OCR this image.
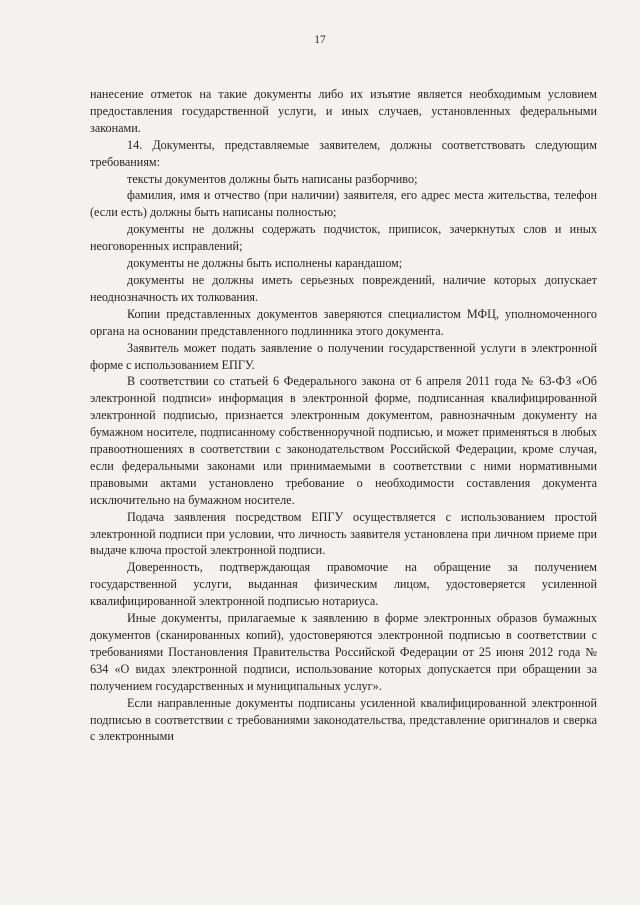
17

нанесение отметок на такие документы либо их изъятие является необходимым условием предоставления государственной услуги, и иных случаев, установленных федеральными законами.

14. Документы, представляемые заявителем, должны соответствовать следующим требованиям:

тексты документов должны быть написаны разборчиво;

фамилия, имя и отчество (при наличии) заявителя, его адрес места жительства, телефон (если есть) должны быть написаны полностью;

документы не должны содержать подчисток, приписок, зачеркнутых слов и иных неоговоренных исправлений;

документы не должны быть исполнены карандашом;

документы не должны иметь серьезных повреждений, наличие которых допускает неоднозначность их толкования.

Копии представленных документов заверяются специалистом МФЦ, уполномоченного органа на основании представленного подлинника этого документа.

Заявитель может подать заявление о получении государственной услуги в электронной форме с использованием ЕПГУ.

В соответствии со статьей 6 Федерального закона от 6 апреля 2011 года № 63-ФЗ «Об электронной подписи» информация в электронной форме, подписанная квалифицированной электронной подписью, признается электронным документом, равнозначным документу на бумажном носителе, подписанному собственноручной подписью, и может применяться в любых правоотношениях в соответствии с законодательством Российской Федерации, кроме случая, если федеральными законами или принимаемыми в соответствии с ними нормативными правовыми актами установлено требование о необходимости составления документа исключительно на бумажном носителе.

Подача заявления посредством ЕПГУ осуществляется с использованием простой электронной подписи при условии, что личность заявителя установлена при личном приеме при выдаче ключа простой электронной подписи.

Доверенность, подтверждающая правомочие на обращение за получением государственной услуги, выданная физическим лицом, удостоверяется усиленной квалифицированной электронной подписью нотариуса.

Иные документы, прилагаемые к заявлению в форме электронных образов бумажных документов (сканированных копий), удостоверяются электронной подписью в соответствии с требованиями Постановления Правительства Российской Федерации от 25 июня 2012 года № 634 «О видах электронной подписи, использование которых допускается при обращении за получением государственных и муниципальных услуг».

Если направленные документы подписаны усиленной квалифицированной электронной подписью в соответствии с требованиями законодательства, представление оригиналов и сверка с электронными
